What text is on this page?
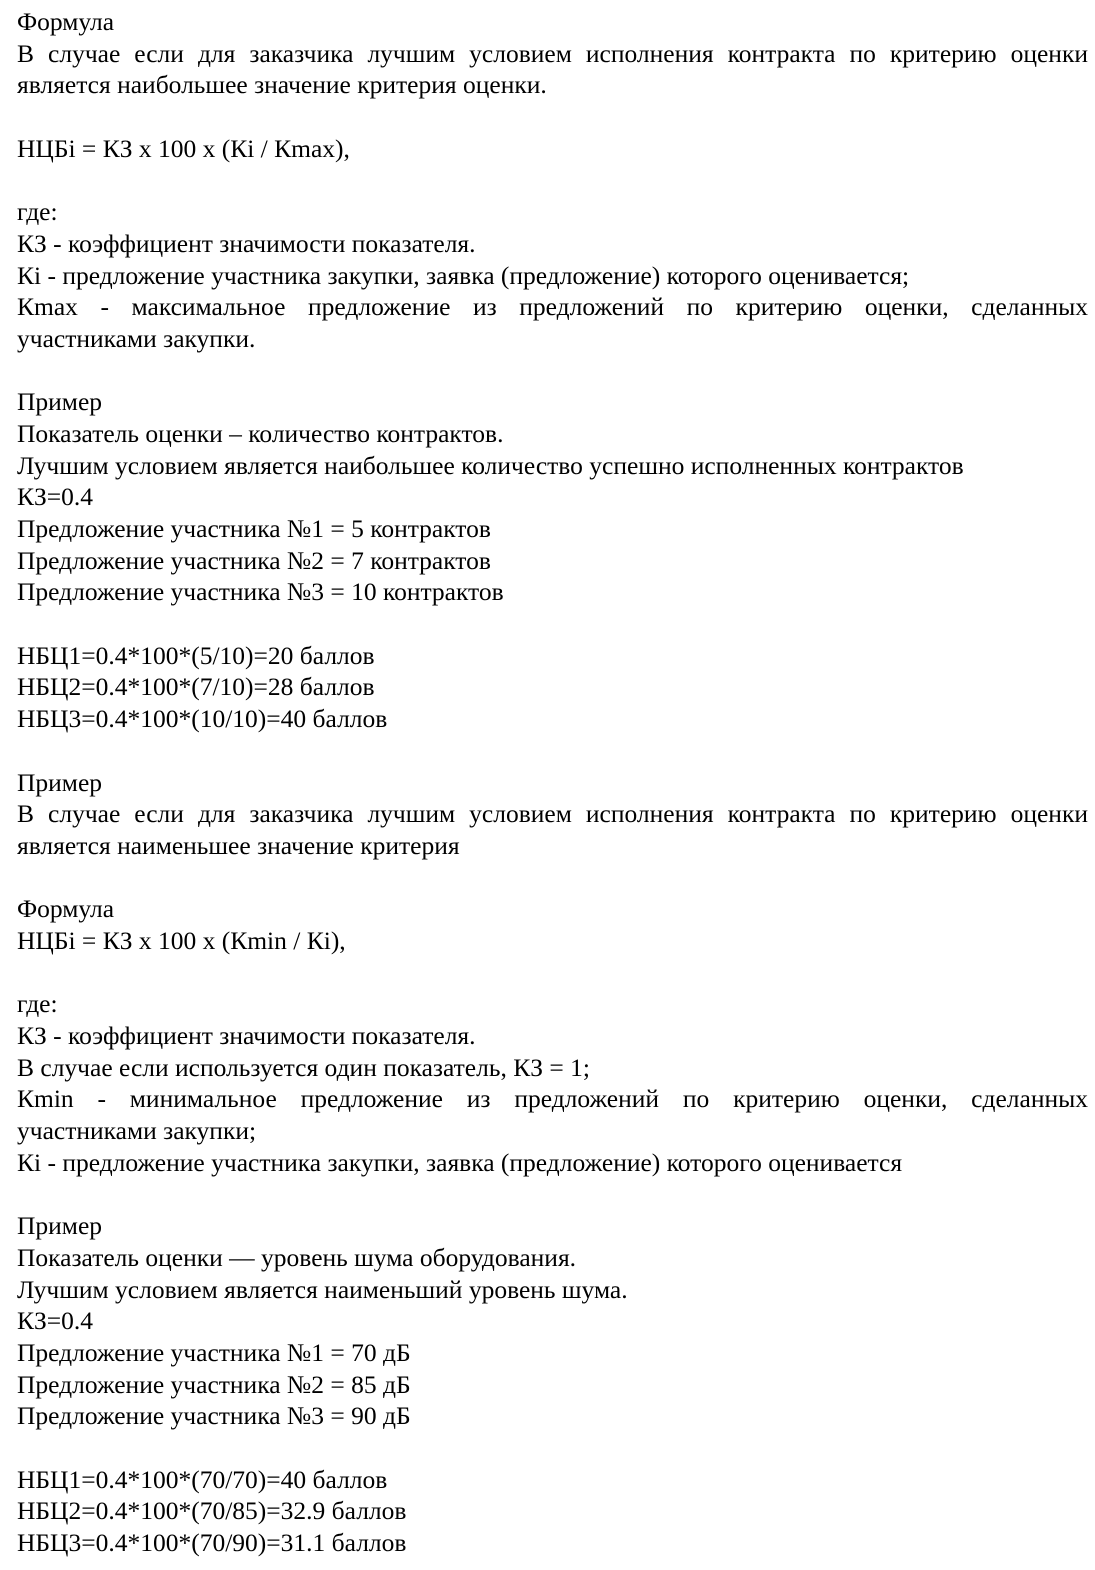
Формула
В случае если для заказчика лучшим условием исполнения контракта по критерию оценки
является наибольшее значение критерия оценки.
НЦБi = КЗ x 100 x (Кi / Кmax),
где:
КЗ - коэффициент значимости показателя.
Кi - предложение участника закупки, заявка (предложение) которого оценивается;
Кmax - максимальное предложение из предложений по критерию оценки, сделанных
участниками закупки.
Пример
Показатель оценки – количество контрактов.
Лучшим условием является наибольшее количество успешно исполненных контрактов
КЗ=0.4
Предложение участника №1 = 5 контрактов
Предложение участника №2 = 7 контрактов
Предложение участника №3 = 10 контрактов
НБЦ1=0.4*100*(5/10)=20 баллов
НБЦ2=0.4*100*(7/10)=28 баллов
НБЦ3=0.4*100*(10/10)=40 баллов
Пример
В случае если для заказчика лучшим условием исполнения контракта по критерию оценки
является наименьшее значение критерия
Формула
НЦБi = КЗ x 100 x (Кmin / Кi),
где:
КЗ - коэффициент значимости показателя.
В случае если используется один показатель, КЗ = 1;
Кmin - минимальное предложение из предложений по критерию оценки, сделанных
участниками закупки;
Кi - предложение участника закупки, заявка (предложение) которого оценивается
Пример
Показатель оценки — уровень шума оборудования.
Лучшим условием является наименьший уровень шума.
КЗ=0.4
Предложение участника №1 = 70 дБ
Предложение участника №2 = 85 дБ
Предложение участника №3 = 90 дБ
НБЦ1=0.4*100*(70/70)=40 баллов
НБЦ2=0.4*100*(70/85)=32.9 баллов
НБЦ3=0.4*100*(70/90)=31.1 баллов
